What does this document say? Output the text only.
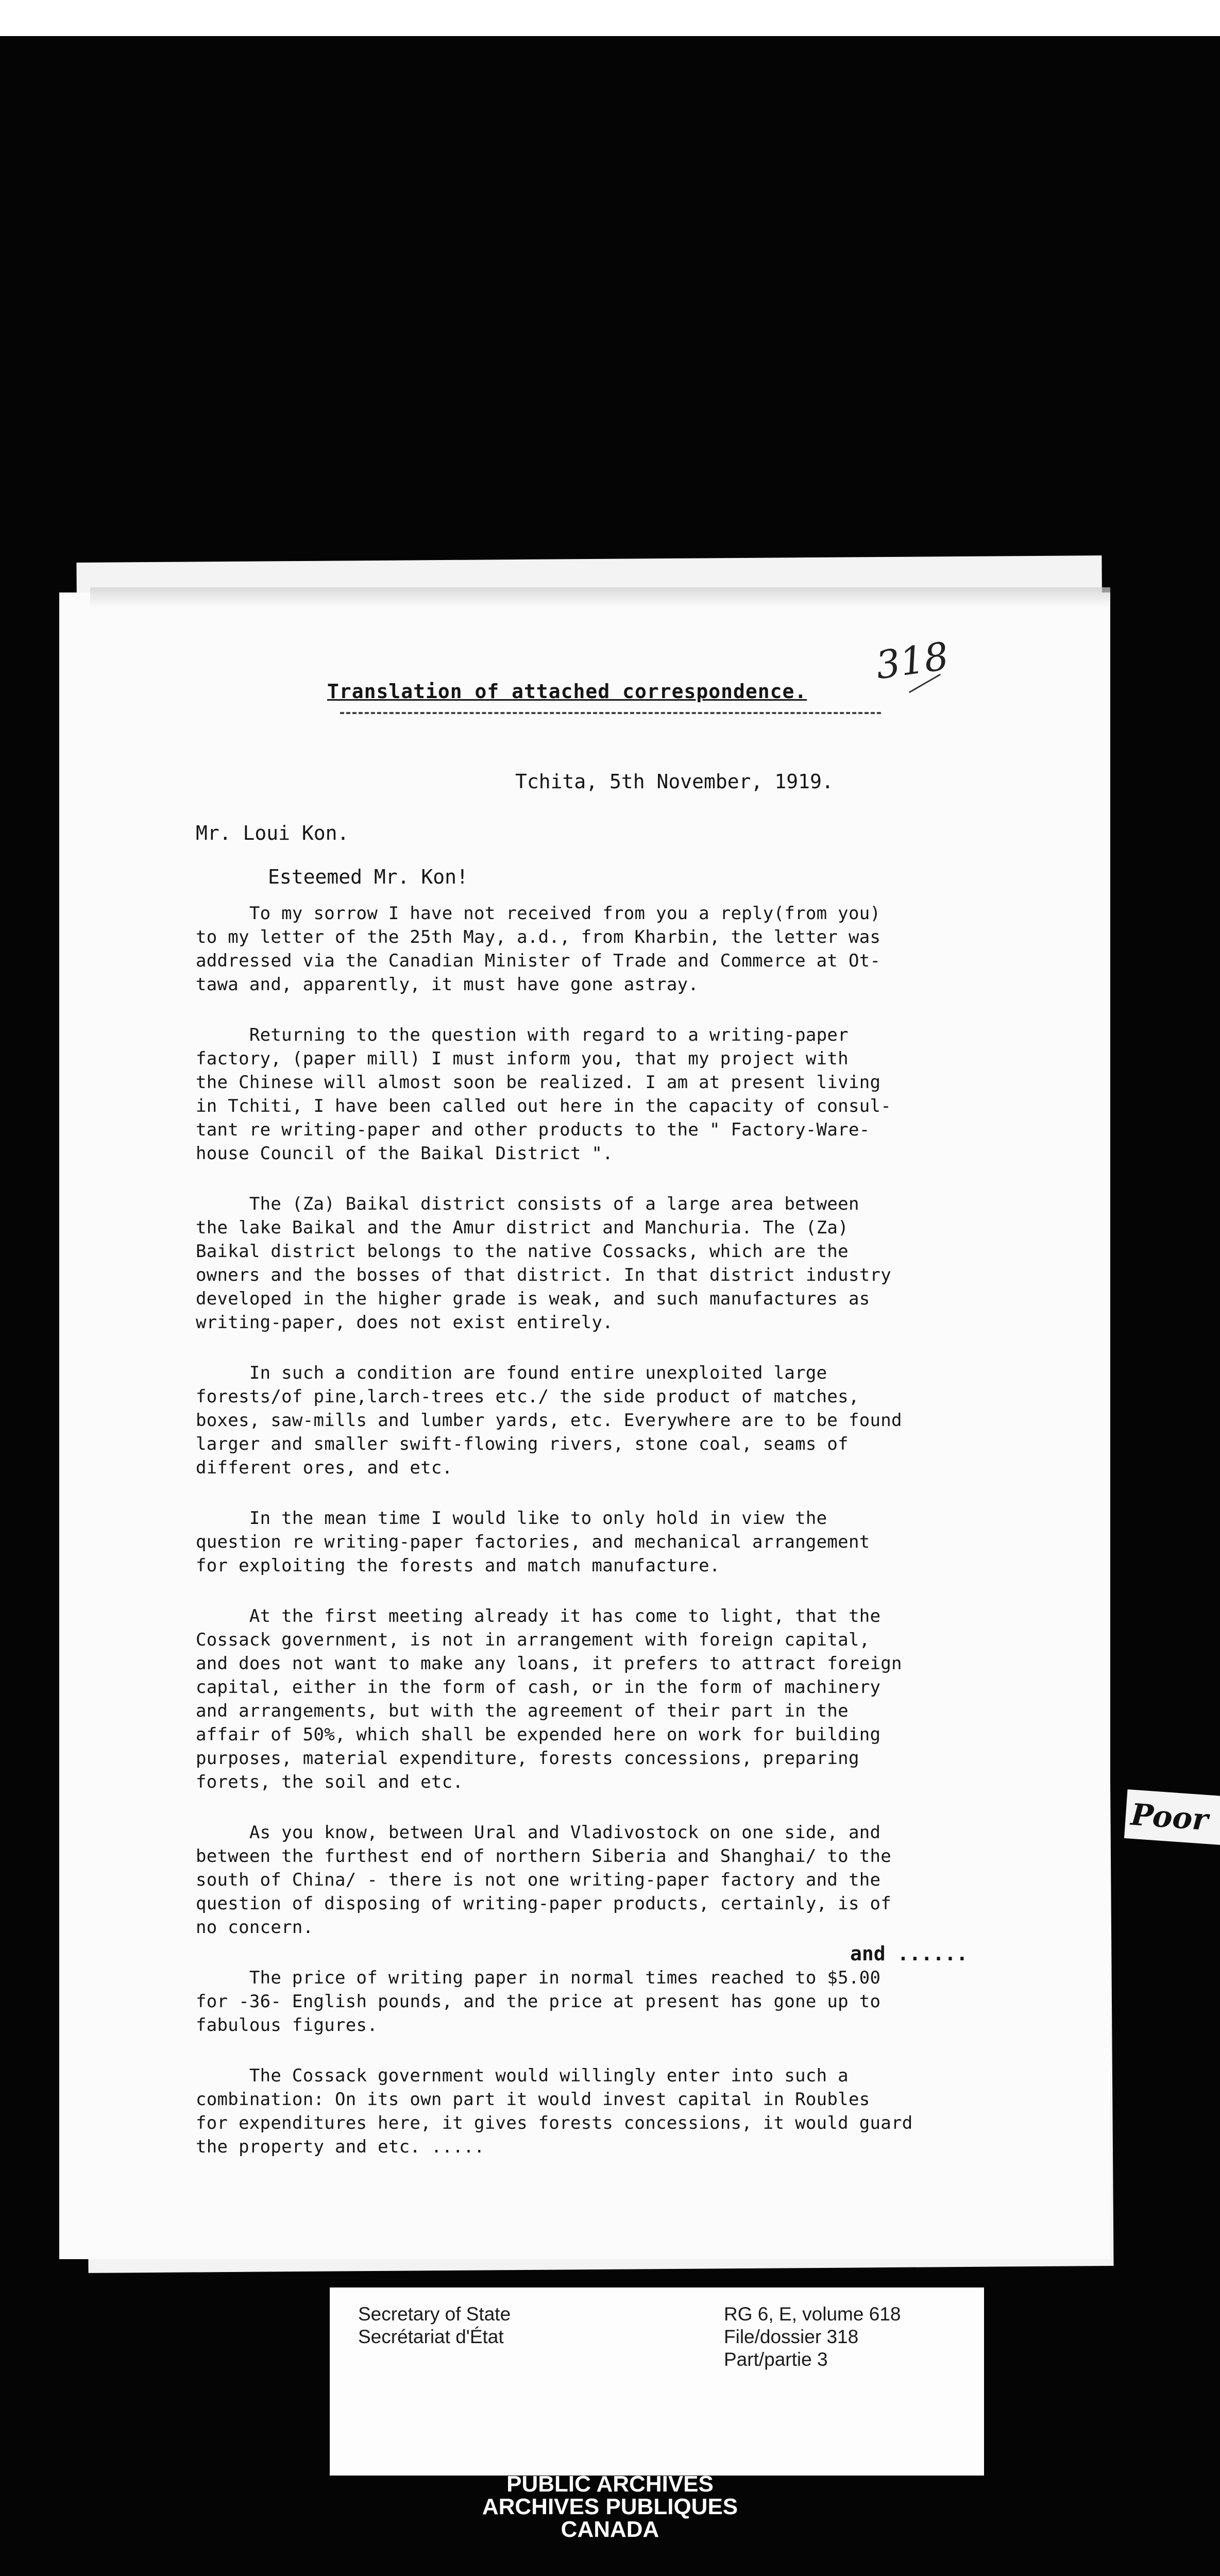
318
Translation of attached correspondence.
Tchita, 5th November, 1919.
Mr. Loui Kon.
Esteemed Mr. Kon!
To my sorrow I have not received from you a reply(from you)
to my letter of the 25th May, a.d., from Kharbin, the letter was
addressed via the Canadian Minister of Trade and Commerce at Ot-
tawa and, apparently, it must have gone astray.
Returning to the question with regard to a writing-paper
factory, (paper mill) I must inform you, that my project with
the Chinese will almost soon be realized. I am at present living
in Tchiti, I have been called out here in the capacity of consul-
tant re writing-paper and other products to the " Factory-Ware-
house Council of the Baikal District ".
The (Za) Baikal district consists of a large area between
the lake Baikal and the Amur district and Manchuria. The (Za)
Baikal district belongs to the native Cossacks, which are the
owners and the bosses of that district. In that district industry
developed in the higher grade is weak, and such manufactures as
writing-paper, does not exist entirely.
In such a condition are found entire unexploited large
forests/of pine,larch-trees etc./ the side product of matches,
boxes, saw-mills and lumber yards, etc. Everywhere are to be found
larger and smaller swift-flowing rivers, stone coal, seams of
different ores, and etc.
In the mean time I would like to only hold in view the
question re writing-paper factories, and mechanical arrangement
for exploiting the forests and match manufacture.
At the first meeting already it has come to light, that the
Cossack government, is not in arrangement with foreign capital,
and does not want to make any loans, it prefers to attract foreign
capital, either in the form of cash, or in the form of machinery
and arrangements, but with the agreement of their part in the
affair of 50%, which shall be expended here on work for building
purposes, material expenditure, forests concessions, preparing
forets, the soil and etc.
As you know, between Ural and Vladivostock on one side, and
between the furthest end of northern Siberia and Shanghai/ to the
south of China/ - there is not one writing-paper factory and the
question of disposing of writing-paper products, certainly, is of
no concern.
The price of writing paper in normal times reached to $5.00
for -36- English pounds, and the price at present has gone up to
fabulous figures.
The Cossack government would willingly enter into such a
combination: On its own part it would invest capital in Roubles
for expenditures here, it gives forests concessions, it would guard
the property and etc. .....
and ......
Poor
Secretary of State
Secrétariat d'État
RG 6, E, volume 618
File/dossier 318
Part/partie 3
PUBLIC ARCHIVES
ARCHIVES PUBLIQUES
CANADA
